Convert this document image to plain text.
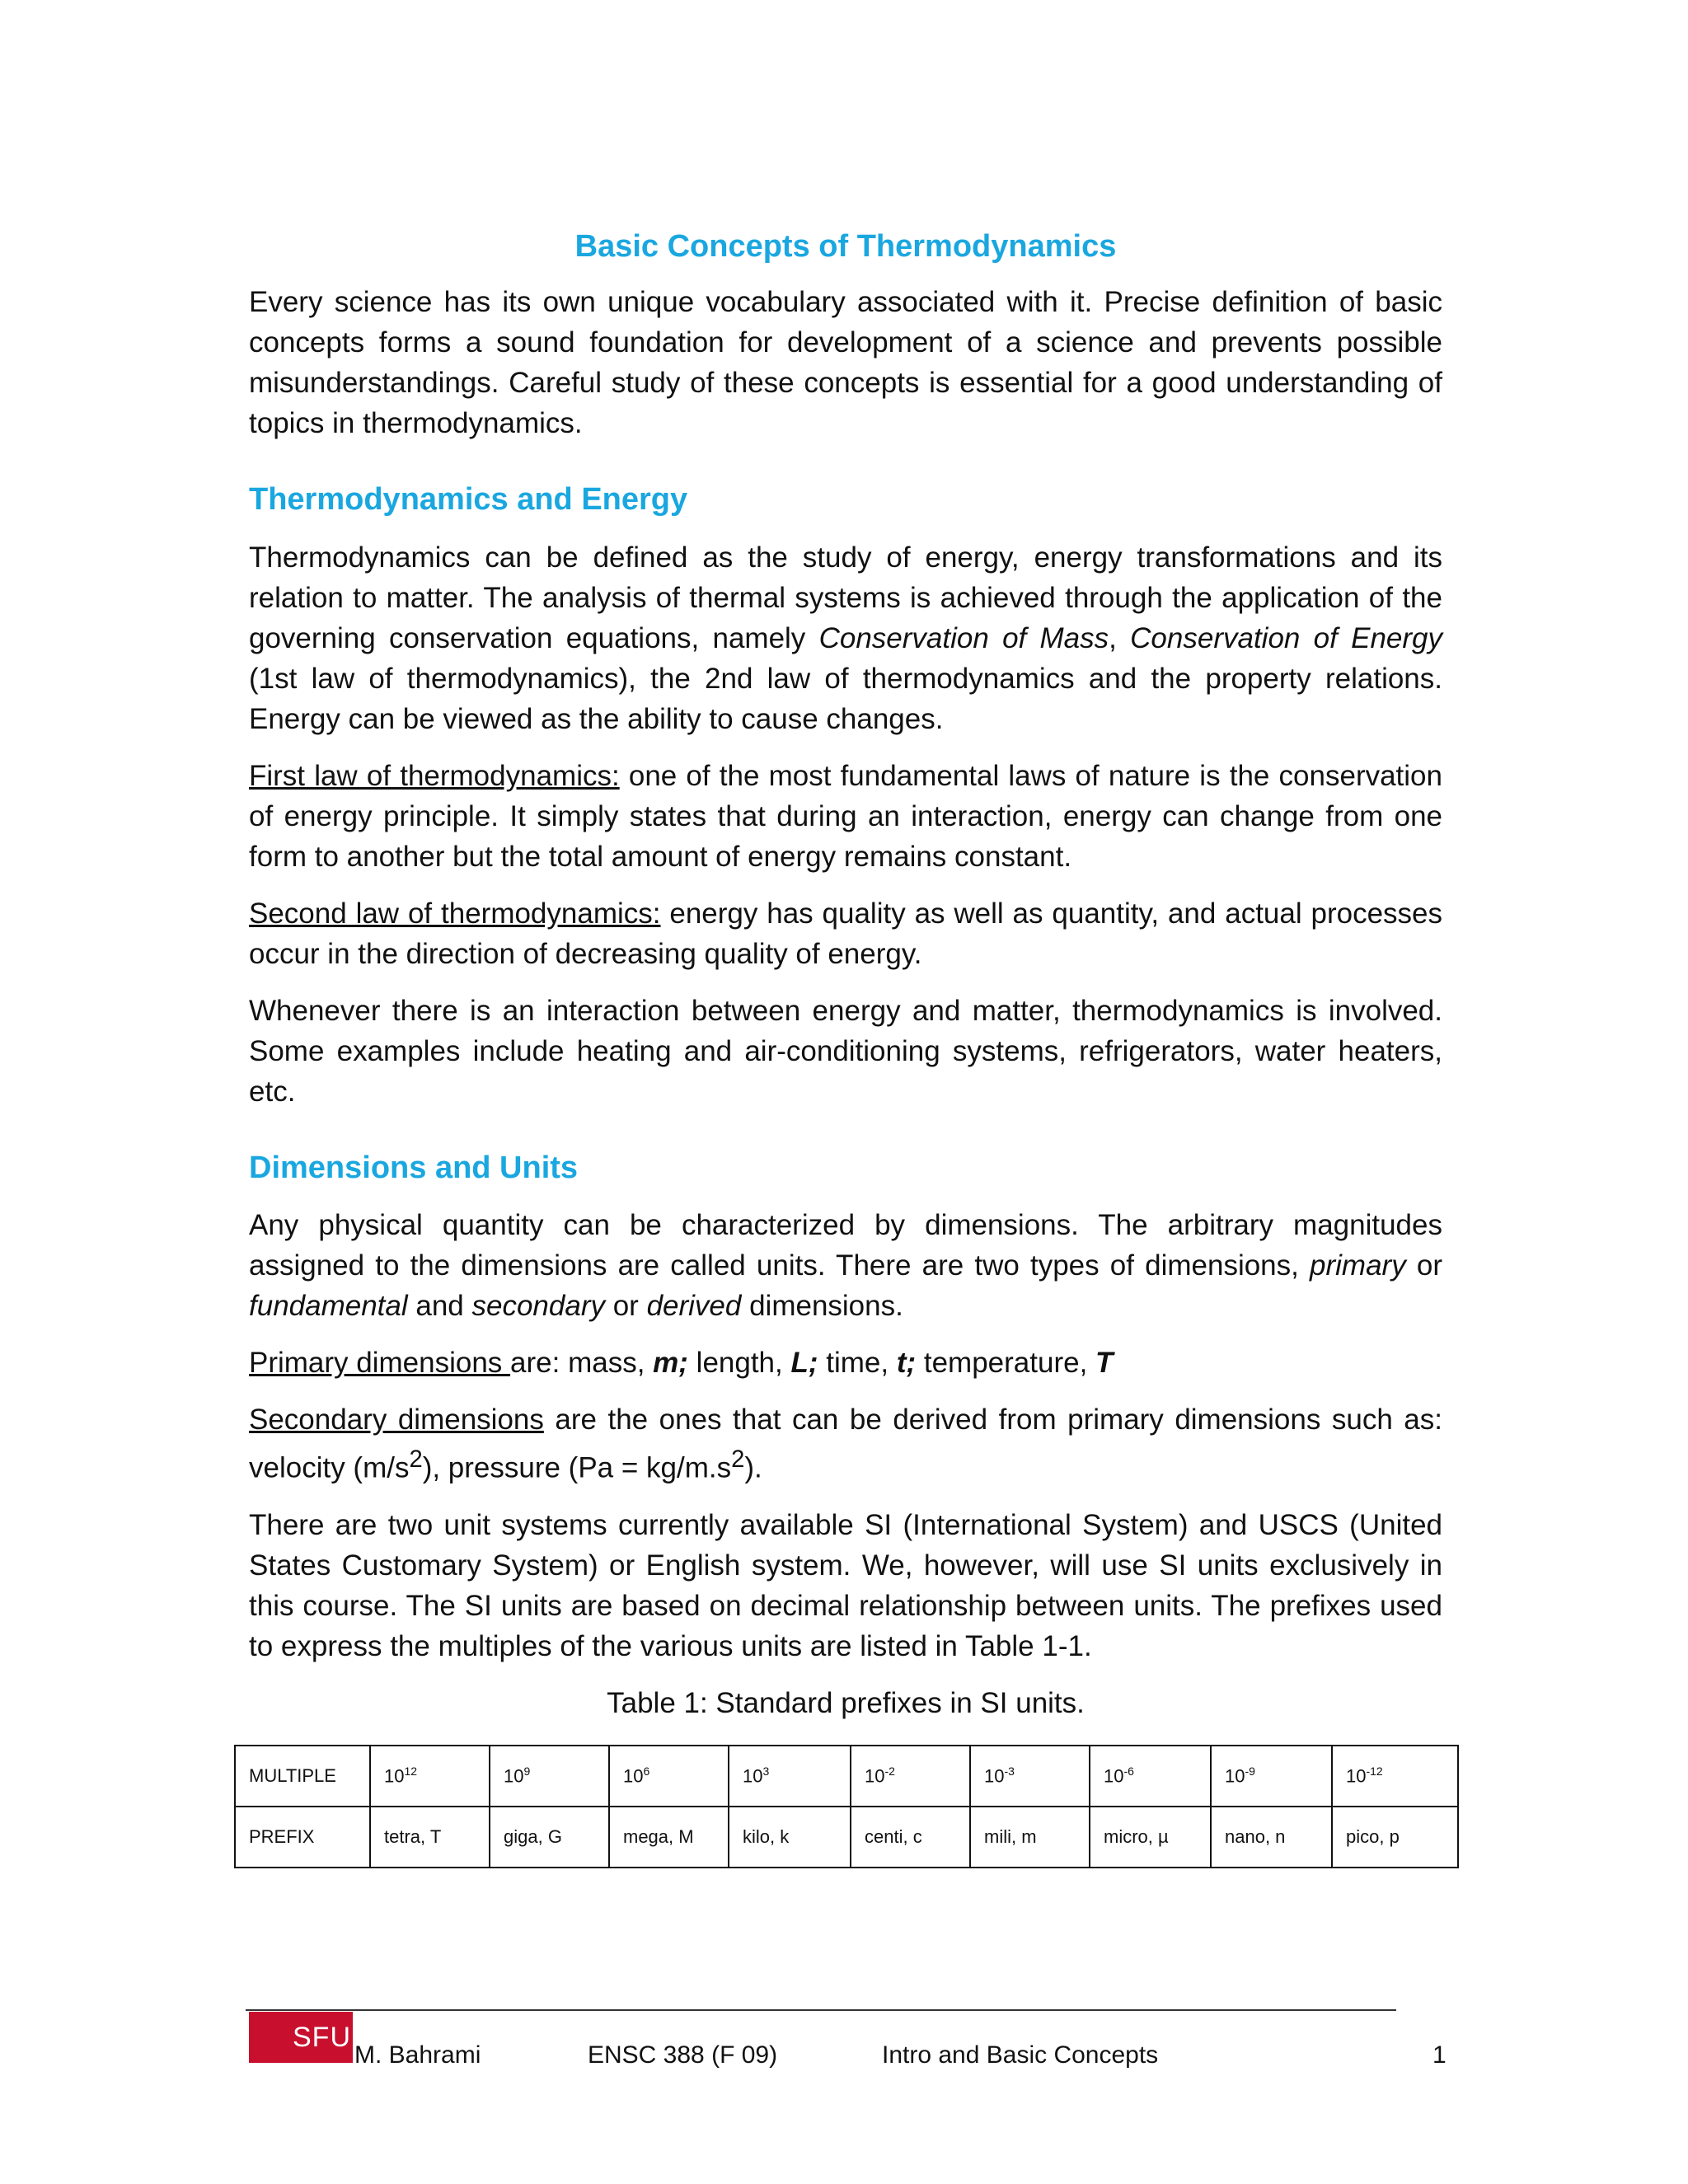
Basic Concepts of Thermodynamics

Every science has its own unique vocabulary associated with it. Precise definition of basic concepts forms a sound foundation for development of a science and prevents possible misunderstandings. Careful study of these concepts is essential for a good understanding of topics in thermodynamics.

Thermodynamics and Energy

Thermodynamics can be defined as the study of energy, energy transformations and its relation to matter. The analysis of thermal systems is achieved through the application of the governing conservation equations, namely Conservation of Mass, Conservation of Energy (1st law of thermodynamics), the 2nd law of thermodynamics and the property relations. Energy can be viewed as the ability to cause changes.

First law of thermodynamics: one of the most fundamental laws of nature is the conservation of energy principle. It simply states that during an interaction, energy can change from one form to another but the total amount of energy remains constant.

Second law of thermodynamics: energy has quality as well as quantity, and actual processes occur in the direction of decreasing quality of energy.

Whenever there is an interaction between energy and matter, thermodynamics is involved. Some examples include heating and air-conditioning systems, refrigerators, water heaters, etc.

Dimensions and Units

Any physical quantity can be characterized by dimensions. The arbitrary magnitudes assigned to the dimensions are called units. There are two types of dimensions, primary or fundamental and secondary or derived dimensions.

Primary dimensions are: mass, m; length, L; time, t; temperature, T

Secondary dimensions are the ones that can be derived from primary dimensions such as: velocity $(m/s^2)$, pressure $(Pa = kg/m.s^2)$.

There are two unit systems currently available SI (International System) and USCS (United States Customary System) or English system. We, however, will use SI units exclusively in this course. The SI units are based on decimal relationship between units. The prefixes used to express the multiples of the various units are listed in Table 1-1.

Table 1: Standard prefixes in SI units.
MULTIPLE	$10^{12}$	$10^9$	$10^6$	$10^3$	$10^{-2}$	$10^{-3}$	$10^{-6}$	$10^{-9}$	$10^{-12}$
PREFIX	tetra, T	giga, G	mega, M	kilo, k	centi, c	mili, m	micro, µ	nano, n	pico, p
SFU
M. Bahrami	ENSC 388 (F 09)	Intro and Basic Concepts	1
